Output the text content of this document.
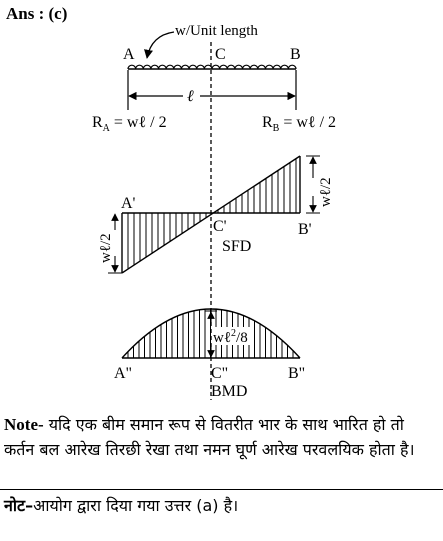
Ans : (c)
w/Unit length
A	C	B
ℓ
$R_A$ = wℓ / 2	$R_B$ = wℓ / 2
A'
C'	B'
SFD
wℓ/2
wℓ/2
wℓ$^2$/8
A"	C"	B"
BMD
Note- यदि एक बीम समान रूप से वितरीत भार के साथ भारित हो तो कर्तन बल आरेख तिरछी रेखा तथा नमन घूर्ण आरेख परवलयिक होता है।
नोट–आयोग द्वारा दिया गया उत्तर (a) है।
